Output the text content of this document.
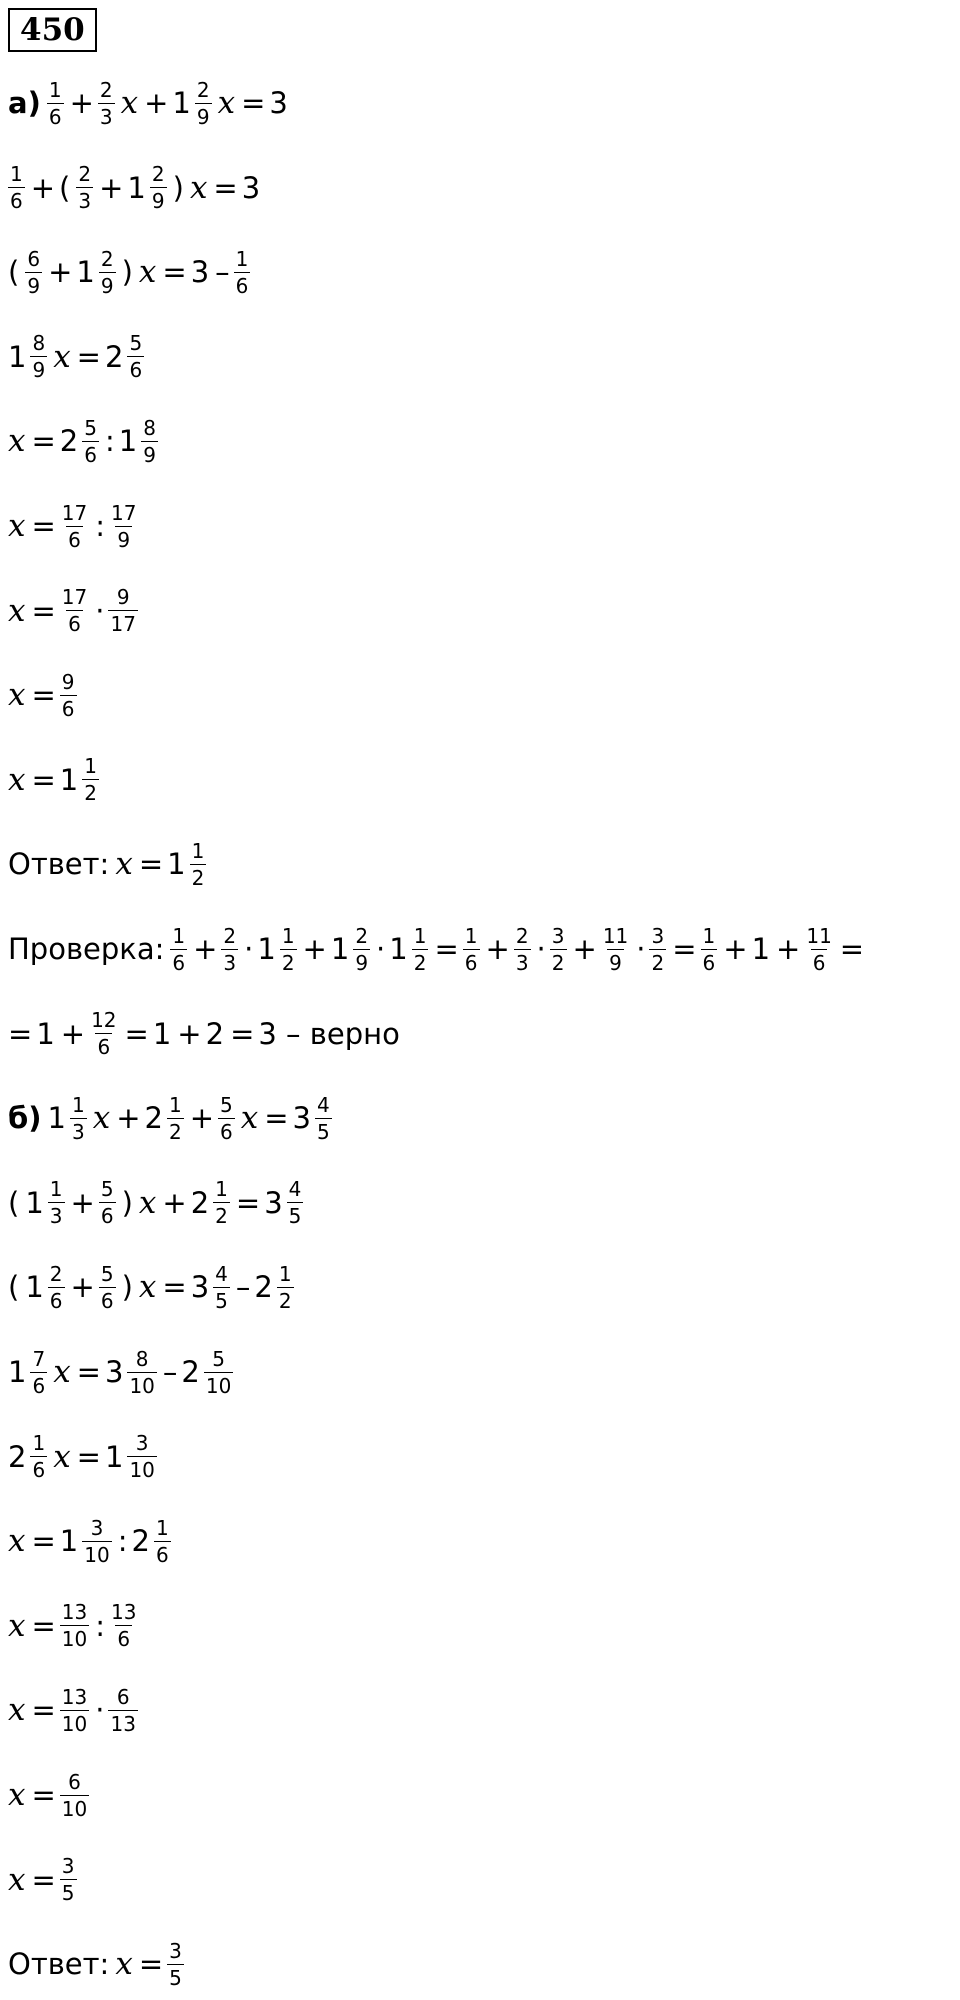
450
$а) \frac{1}{6} + \frac{2}{3}$ $x + 1 \frac{2}{9}$ x = 3
$\frac{1}{6}$ + ( $\frac{2}{3} + 1 \frac{2}{9}$ ) x = 3
( $\frac{6}{9} + 1 \frac{2}{9}$ ) $x = 3 - \frac{1}{6}$
$1 \frac{8}{9}$ $x = 2 \frac{5}{6}$
$x = 2 \frac{5}{6}$ : $1 \frac{8}{9}$
$x = \frac{17}{6}$ : $\frac{17}{9}$
$x = \frac{17}{6} \cdot \frac{9}{17}$
$x = \frac{9}{6}$
$x = 1 \frac{1}{2}$
Ответ: $x = 1 \frac{1}{2}$
Проверка: $\frac{1}{6} + \frac{2}{3} \cdot 1 \frac{1}{2} + 1 \frac{2}{9} \cdot 1 \frac{1}{2} = \frac{1}{6} + \frac{2}{3} \cdot \frac{3}{2} + \frac{11}{9} \cdot \frac{3}{2} = \frac{1}{6} + 1 + \frac{11}{6}$ =
= $1 + \frac{12}{6} = 1 + 2 = 3$ – верно
б) $1 \frac{1}{3}$ $x + 2 \frac{1}{2} + \frac{5}{6}$ $x = 3 \frac{4}{5}$
( $1 \frac{1}{3} + \frac{5}{6}$ ) $x + 2 \frac{1}{2} = 3 \frac{4}{5}$
( $1 \frac{2}{6} + \frac{5}{6}$ ) $x = 3 \frac{4}{5} - 2 \frac{1}{2}$
$1 \frac{7}{6}$ $x = 3 \frac{8}{10} - 2 \frac{5}{10}$
$2 \frac{1}{6}$ $x = 1 \frac{3}{10}$
$x = 1 \frac{3}{10}$ : $2 \frac{1}{6}$
$x = \frac{13}{10}$ : $\frac{13}{6}$
$x = \frac{13}{10} \cdot \frac{6}{13}$
$x = \frac{6}{10}$
$x = \frac{3}{5}$
Ответ: $x = \frac{3}{5}$
